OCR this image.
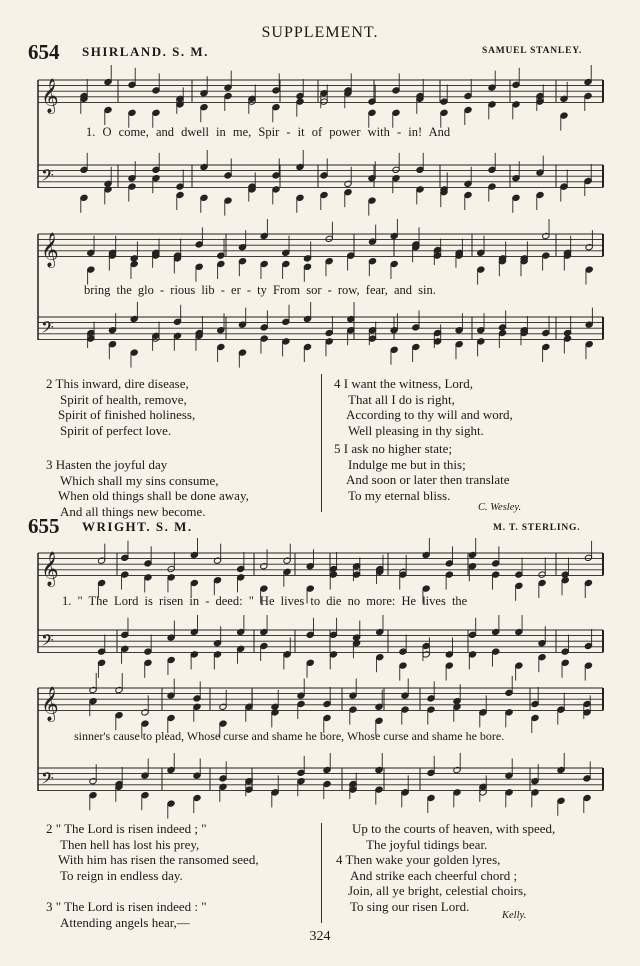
SUPPLEMENT.
654 SHIRLAND. S. M.	SAMUEL STANLEY.
𝄞
𝄢
𝄞
𝄢
𝄞
𝄢
𝄞
𝄢
1. O come, and dwell in me, Spir - it of power with - in! And
bring the glo - rious lib - er - ty From sor - row, fear, and sin.
2 This inward, dire disease,
Spirit of health, remove,
Spirit of finished holiness,
Spirit of perfect love.
3 Hasten the joyful day
Which shall my sins consume,
When old things shall be done away,
And all things new become.
4 I want the witness, Lord,
That all I do is right,
According to thy will and word,
Well pleasing in thy sight.
5 I ask no higher state;
Indulge me but in this;
And soon or later then translate
To my eternal bliss.
C. Wesley.
655 WRIGHT. S. M.	M. T. STERLING.
1. " The Lord is risen in - deed: " He lives to die no more: He lives the
sinner's cause to plead, Whose curse and shame he bore, Whose curse and shame he bore.
2 " The Lord is risen indeed ; "
Then hell has lost his prey,
With him has risen the ransomed seed,
To reign in endless day.
3 " The Lord is risen indeed : "
Attending angels hear,—
Up to the courts of heaven, with speed,
The joyful tidings bear.
4 Then wake your golden lyres,
And strike each cheerful chord ;
Join, all ye bright, celestial choirs,
To sing our risen Lord.
Kelly.
324
